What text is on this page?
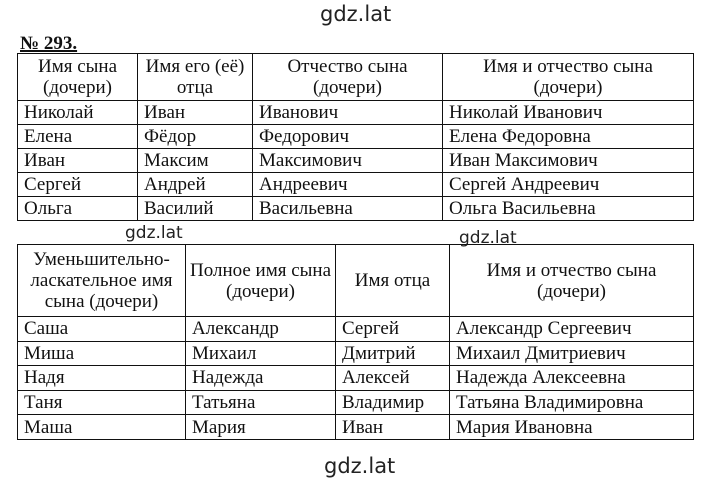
gdz.lat
№ 293.
Имя сына (дочери)	Имя его (её) отца	Отчество сына (дочери)	Имя и отчество сына (дочери)
Николай	Иван	Иванович	Николай Иванович
Елена	Фёдор	Федорович	Елена Федоровна
Иван	Максим	Максимович	Иван Максимович
Сергей	Андрей	Андреевич	Сергей Андреевич
Ольга	Василий	Васильевна	Ольга Васильевна
gdz.lat	gdz.lat
Уменьшительно-ласкательное имя сына (дочери)	Полное имя сына (дочери)	Имя отца	Имя и отчество сына (дочери)
Саша	Александр	Сергей	Александр Сергеевич
Миша	Михаил	Дмитрий	Михаил Дмитриевич
Надя	Надежда	Алексей	Надежда Алексеевна
Таня	Татьяна	Владимир	Татьяна Владимировна
Маша	Мария	Иван	Мария Ивановна
gdz.lat
